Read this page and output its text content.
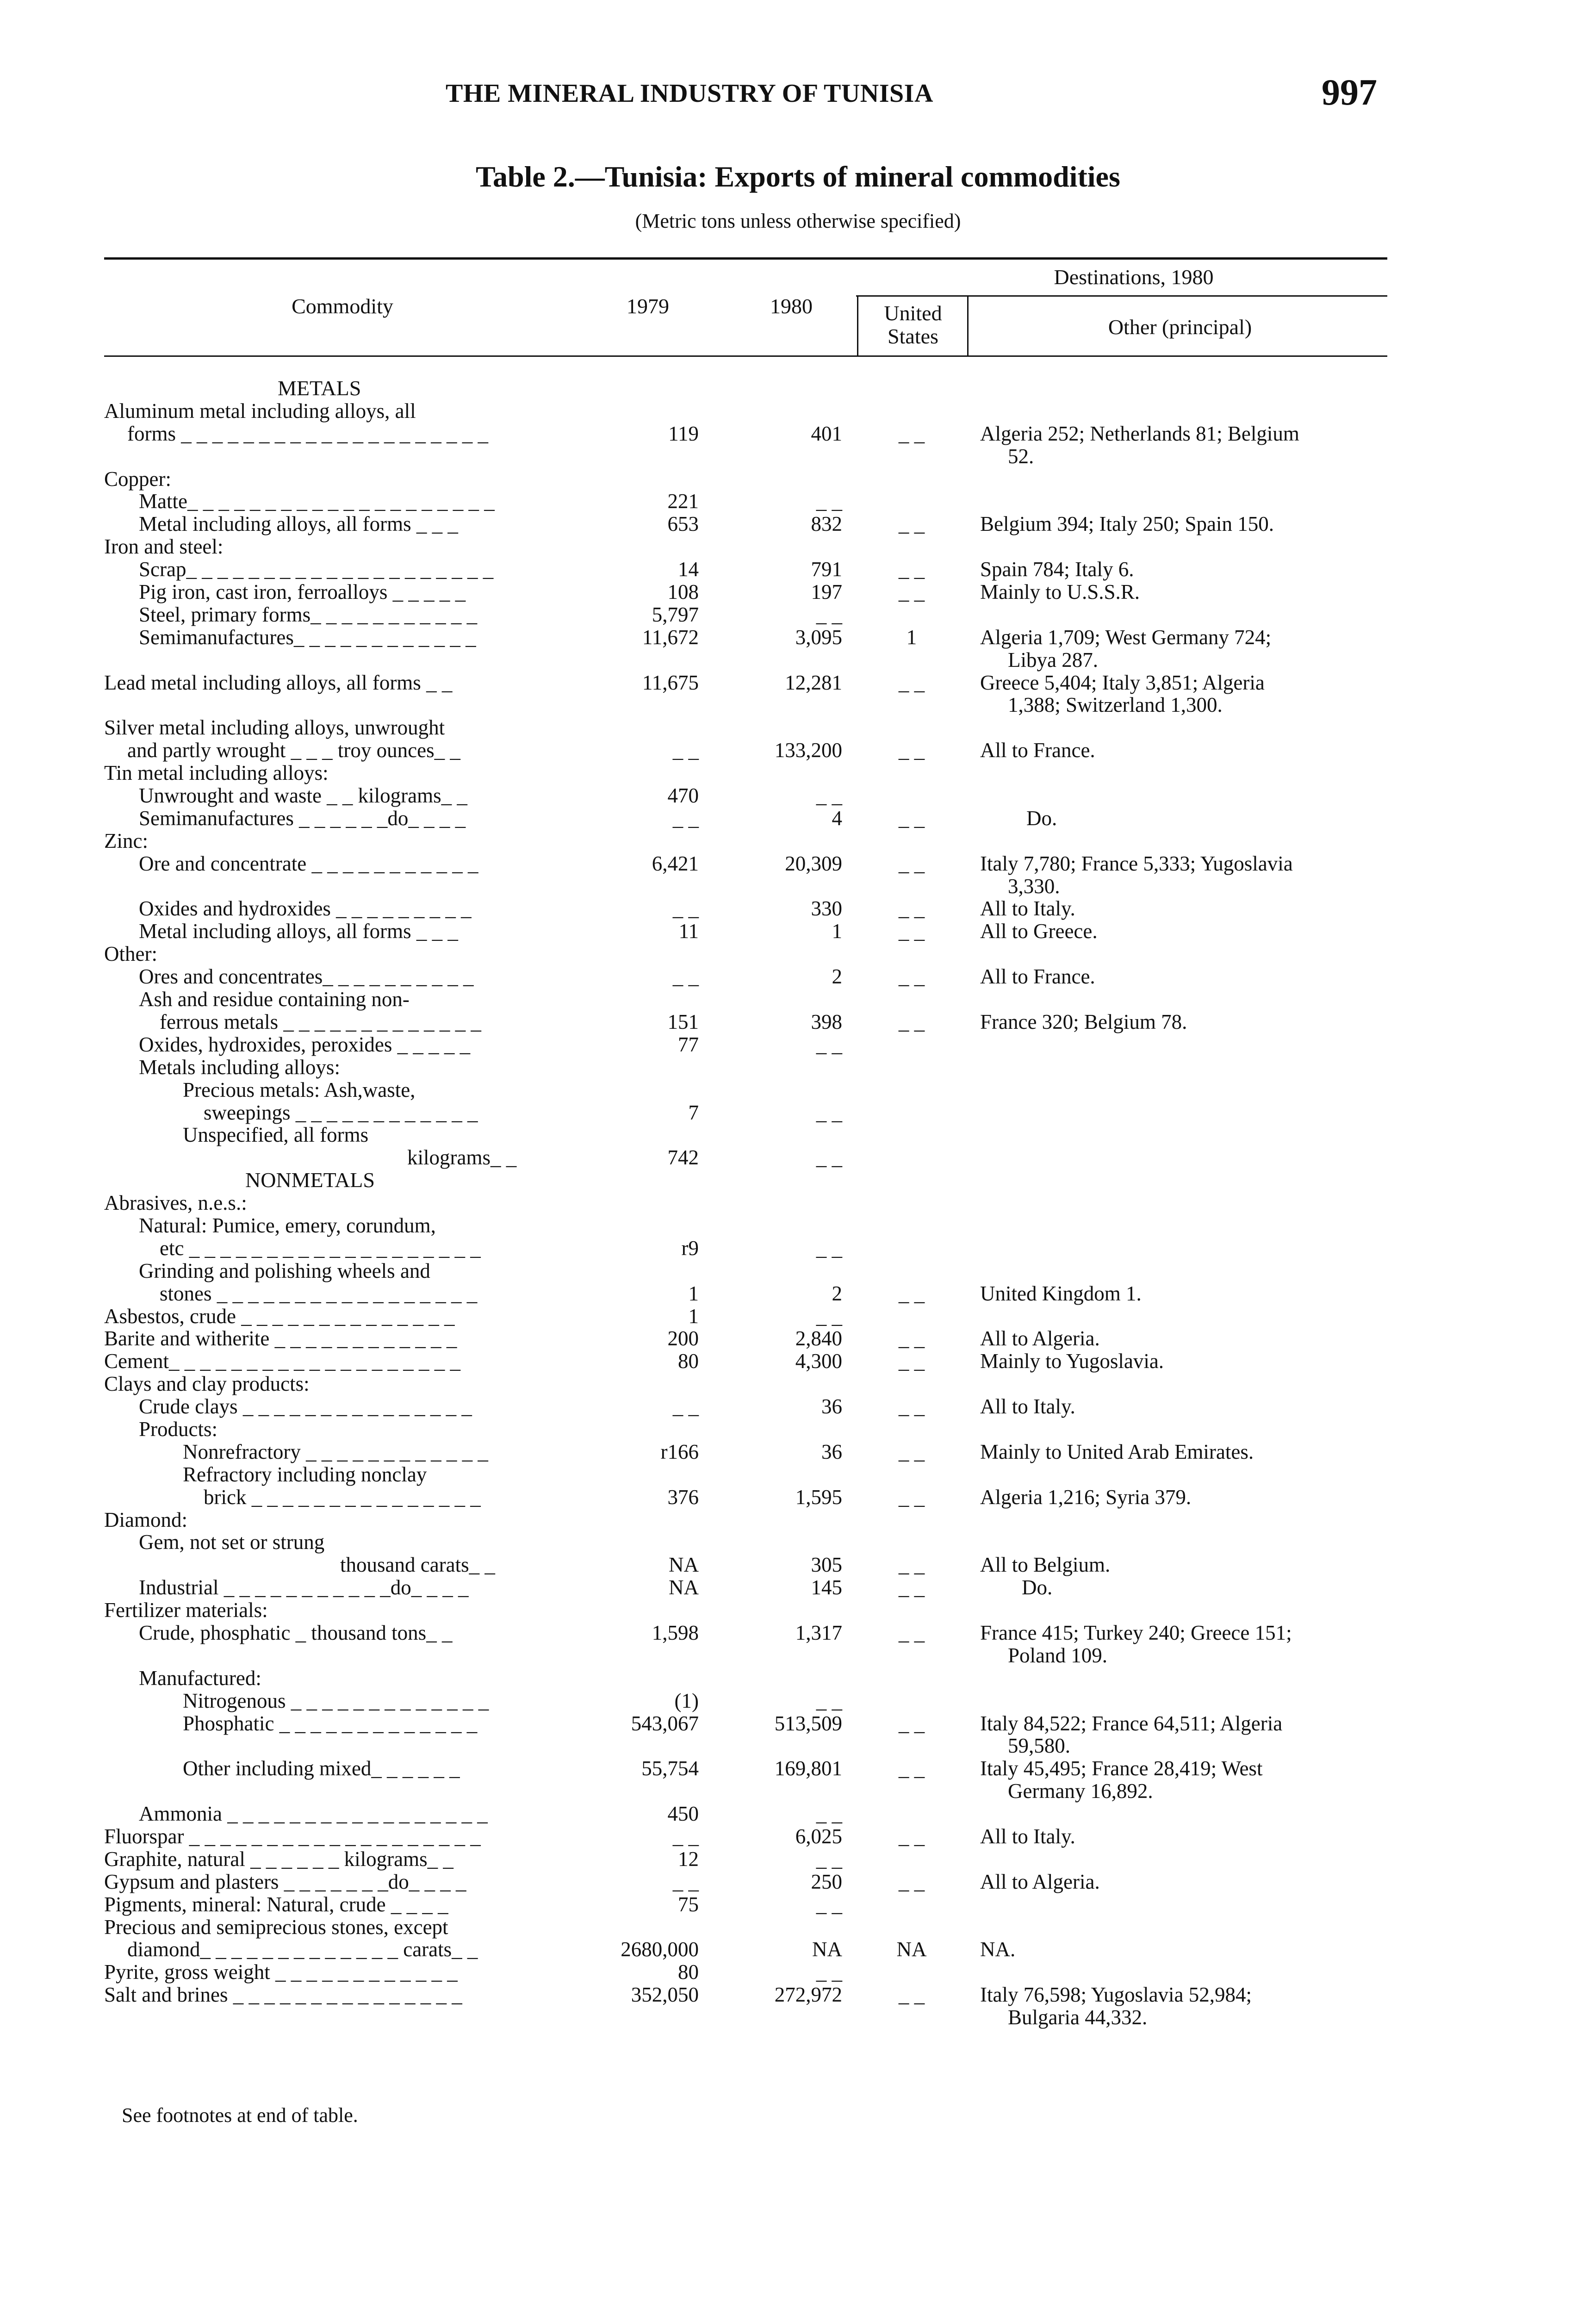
THE MINERAL INDUSTRY OF TUNISIA	997
Table 2.—Tunisia: Exports of mineral commodities
(Metric tons unless otherwise specified)
Commodity	1979	1980
Destinations, 1980
United
States	Other (principal)
METALS
Aluminum metal including alloys, all
forms _ _ _ _ _ _ _ _ _ _ _ _ _ _ _ _ _ _ _ _	119	401	_ _	Algeria 252; Netherlands 81; Belgium
52.
Copper:
Matte_ _ _ _ _ _ _ _ _ _ _ _ _ _ _ _ _ _ _ _	221	_ _
Metal including alloys, all forms _ _ _	653	832	_ _	Belgium 394; Italy 250; Spain 150.
Iron and steel:
Scrap_ _ _ _ _ _ _ _ _ _ _ _ _ _ _ _ _ _ _ _	14	791	_ _	Spain 784; Italy 6.
Pig iron, cast iron, ferroalloys _ _ _ _ _	108	197	_ _	Mainly to U.S.S.R.
Steel, primary forms_ _ _ _ _ _ _ _ _ _ _	5,797	_ _
Semimanufactures_ _ _ _ _ _ _ _ _ _ _ _	11,672	3,095	1	Algeria 1,709; West Germany 724;
Libya 287.
Lead metal including alloys, all forms _ _	11,675	12,281	_ _	Greece 5,404; Italy 3,851; Algeria
1,388; Switzerland 1,300.
Silver metal including alloys, unwrought
and partly wrought _ _ _ troy ounces_ _	_ _	133,200	_ _	All to France.
Tin metal including alloys:
Unwrought and waste _ _ kilograms_ _	470	_ _
Semimanufactures _ _ _ _ _ _do_ _ _ _	_ _	4	_ _	Do.
Zinc:
Ore and concentrate _ _ _ _ _ _ _ _ _ _ _	6,421	20,309	_ _	Italy 7,780; France 5,333; Yugoslavia
3,330.
Oxides and hydroxides _ _ _ _ _ _ _ _ _	_ _	330	_ _	All to Italy.
Metal including alloys, all forms _ _ _	11	1	_ _	All to Greece.
Other:
Ores and concentrates_ _ _ _ _ _ _ _ _ _	_ _	2	_ _	All to France.
Ash and residue containing non-
ferrous metals _ _ _ _ _ _ _ _ _ _ _ _ _	151	398	_ _	France 320; Belgium 78.
Oxides, hydroxides, peroxides _ _ _ _ _	77	_ _
Metals including alloys:
Precious metals: Ash,waste,
sweepings _ _ _ _ _ _ _ _ _ _ _ _	7	_ _
Unspecified, all forms
kilograms_ _	742	_ _
NONMETALS
Abrasives, n.e.s.:
Natural: Pumice, emery, corundum,
etc _ _ _ _ _ _ _ _ _ _ _ _ _ _ _ _ _ _ _	r9	_ _
Grinding and polishing wheels and
stones _ _ _ _ _ _ _ _ _ _ _ _ _ _ _ _ _	1	2	_ _	United Kingdom 1.
Asbestos, crude _ _ _ _ _ _ _ _ _ _ _ _ _ _	1	_ _
Barite and witherite _ _ _ _ _ _ _ _ _ _ _ _	200	2,840	_ _	All to Algeria.
Cement_ _ _ _ _ _ _ _ _ _ _ _ _ _ _ _ _ _ _	80	4,300	_ _	Mainly to Yugoslavia.
Clays and clay products:
Crude clays _ _ _ _ _ _ _ _ _ _ _ _ _ _ _	_ _	36	_ _	All to Italy.
Products:
Nonrefractory _ _ _ _ _ _ _ _ _ _ _ _	r166	36	_ _	Mainly to United Arab Emirates.
Refractory including nonclay
brick _ _ _ _ _ _ _ _ _ _ _ _ _ _ _	376	1,595	_ _	Algeria 1,216; Syria 379.
Diamond:
Gem, not set or strung
thousand carats_ _	NA	305	_ _	All to Belgium.
Industrial _ _ _ _ _ _ _ _ _ _ _do_ _ _ _	NA	145	_ _	Do.
Fertilizer materials:
Crude, phosphatic _ thousand tons_ _	1,598	1,317	_ _	France 415; Turkey 240; Greece 151;
Poland 109.
Manufactured:
Nitrogenous _ _ _ _ _ _ _ _ _ _ _ _ _	(1)	_ _
Phosphatic _ _ _ _ _ _ _ _ _ _ _ _ _	543,067	513,509	_ _	Italy 84,522; France 64,511; Algeria
59,580.
Other including mixed_ _ _ _ _ _	55,754	169,801	_ _	Italy 45,495; France 28,419; West
Germany 16,892.
Ammonia _ _ _ _ _ _ _ _ _ _ _ _ _ _ _ _ _	450	_ _
Fluorspar _ _ _ _ _ _ _ _ _ _ _ _ _ _ _ _ _ _ _	_ _	6,025	_ _	All to Italy.
Graphite, natural _ _ _ _ _ _ kilograms_ _	12	_ _
Gypsum and plasters _ _ _ _ _ _ _do_ _ _ _	_ _	250	_ _	All to Algeria.
Pigments, mineral: Natural, crude _ _ _ _	75	_ _
Precious and semiprecious stones, except
diamond_ _ _ _ _ _ _ _ _ _ _ _ _ carats_ _	2680,000	NA	NA	NA.
Pyrite, gross weight _ _ _ _ _ _ _ _ _ _ _ _	80	_ _
Salt and brines _ _ _ _ _ _ _ _ _ _ _ _ _ _ _	352,050	272,972	_ _	Italy 76,598; Yugoslavia 52,984;
Bulgaria 44,332.
See footnotes at end of table.
